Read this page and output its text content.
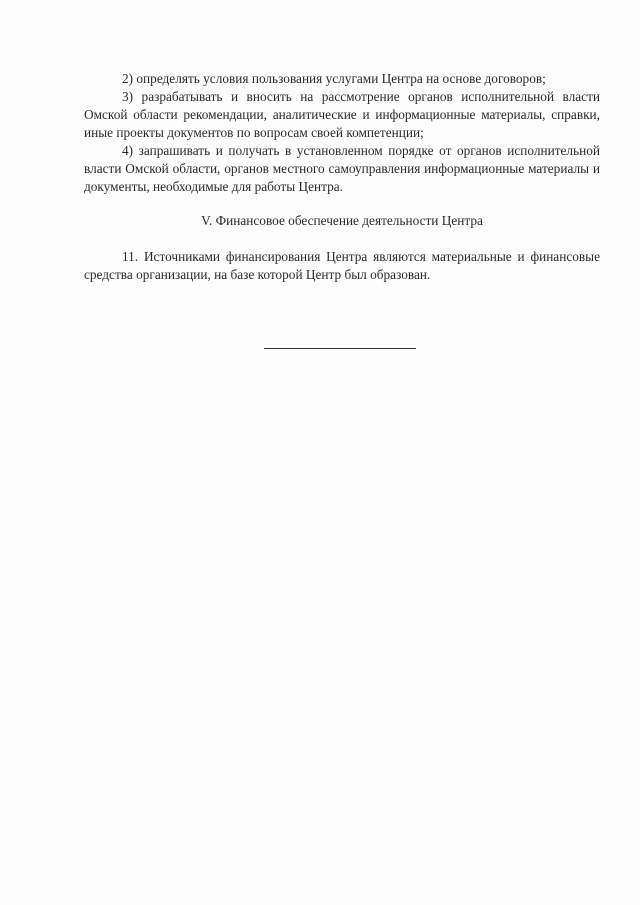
2) определять условия пользования услугами Центра на основе договоров;

3) разрабатывать и вносить на рассмотрение органов исполнительной власти Омской области рекомендации, аналитические и информационные материалы, справки, иные проекты документов по вопросам своей компетенции;

4) запрашивать и получать в установленном порядке от органов исполнительной власти Омской области, органов местного самоуправления информационные материалы и документы, необходимые для работы Центра.

V. Финансовое обеспечение деятельности Центра

11. Источниками финансирования Центра являются материальные и финансовые средства организации, на базе которой Центр был образован.
